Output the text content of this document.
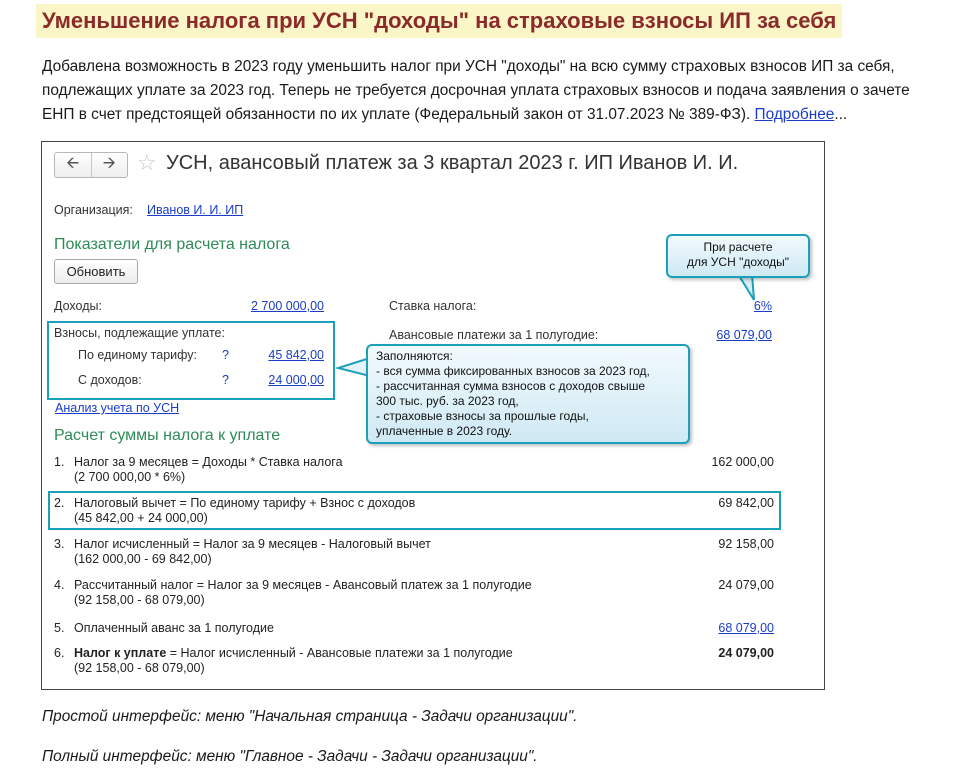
Уменьшение налога при УСН "доходы" на страховые взносы ИП за себя
Добавлена возможность в 2023 году уменьшить налог при УСН "доходы" на всю сумму страховых взносов ИП за себя, подлежащих уплате за 2023 год. Теперь не требуется досрочная уплата страховых взносов и подача заявления о зачете ЕНП в счет предстоящей обязанности по их уплате (Федеральный закон от 31.07.2023 № 389-ФЗ). Подробнее...
🡨	🡪 ☆ УСН, авансовый платеж за 3 квартал 2023 г. ИП Иванов И. И.
Организация: Иванов И. И. ИП
Показатели для расчета налога
Обновить
Доходы:	2 700 000,00	Ставка налога:	6%
Взносы, подлежащие уплате:
По единому тарифу: ?	45 842,00
С доходов:	?	24 000,00
Авансовые платежи за 1 полугодие:	68 079,00
Анализ учета по УСН
Расчет суммы налога к уплате
1. Налог за 9 месяцев = Доходы * Ставка налога
(2 700 000,00 * 6%)
162 000,00
2. Налоговый вычет = По единому тарифу + Взнос с доходов
(45 842,00 + 24 000,00)
69 842,00
3. Налог исчисленный = Налог за 9 месяцев - Налоговый вычет
(162 000,00 - 69 842,00)
92 158,00
4. Рассчитанный налог = Налог за 9 месяцев - Авансовый платеж за 1 полугодие
(92 158,00 - 68 079,00)
24 079,00
5. Оплаченный аванс за 1 полугодие	68 079,00
6. Налог к уплате = Налог исчисленный - Авансовые платежи за 1 полугодие
(92 158,00 - 68 079,00)
24 079,00
При расчете
для УСН "доходы"
Заполняются:
- вся сумма фиксированных взносов за 2023 год,
- рассчитанная сумма взносов с доходов свыше
300 тыс. руб. за 2023 год,
- страховые взносы за прошлые годы,
уплаченные в 2023 году.
Простой интерфейс: меню "Начальная страница - Задачи организации".
Полный интерфейс: меню "Главное - Задачи - Задачи организации".
